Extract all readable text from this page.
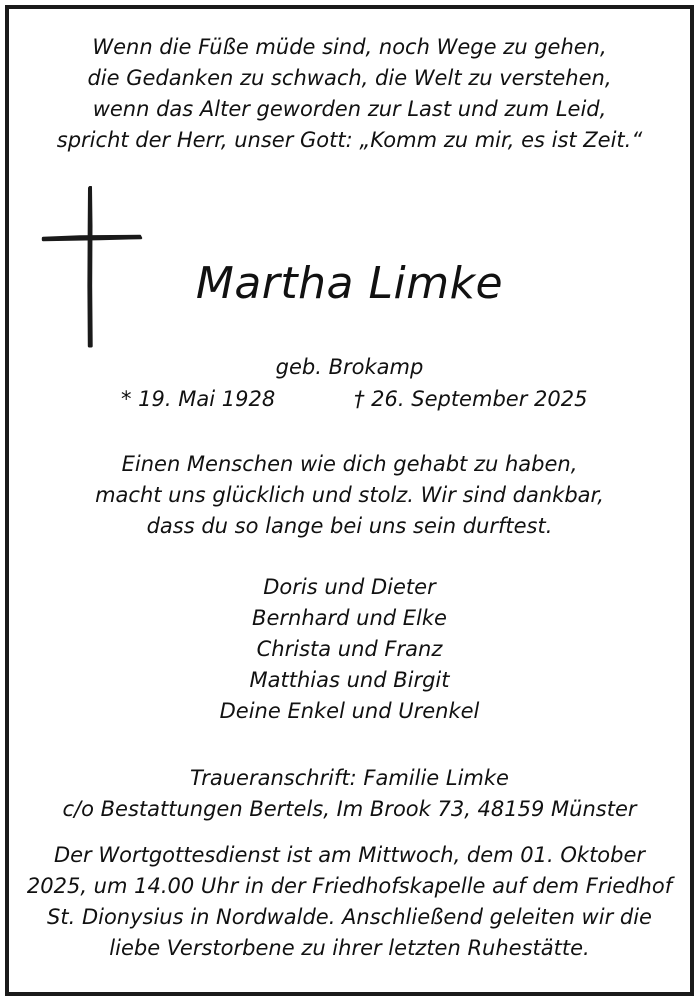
Wenn die Füße müde sind, noch Wege zu gehen,
die Gedanken zu schwach, die Welt zu verstehen,
wenn das Alter geworden zur Last und zum Leid,
spricht der Herr, unser Gott: „Komm zu mir, es ist Zeit.“
Martha Limke
geb. Brokamp
* 19. Mai 1928	† 26. September 2025
Einen Menschen wie dich gehabt zu haben,
macht uns glücklich und stolz. Wir sind dankbar,
dass du so lange bei uns sein durftest.
Doris und Dieter
Bernhard und Elke
Christa und Franz
Matthias und Birgit
Deine Enkel und Urenkel
Traueranschrift: Familie Limke
c/o Bestattungen Bertels, Im Brook 73, 48159 Münster
Der Wortgottesdienst ist am Mittwoch, dem 01. Oktober
2025, um 14.00 Uhr in der Friedhofskapelle auf dem Friedhof
St. Dionysius in Nordwalde. Anschließend geleiten wir die
liebe Verstorbene zu ihrer letzten Ruhestätte.
